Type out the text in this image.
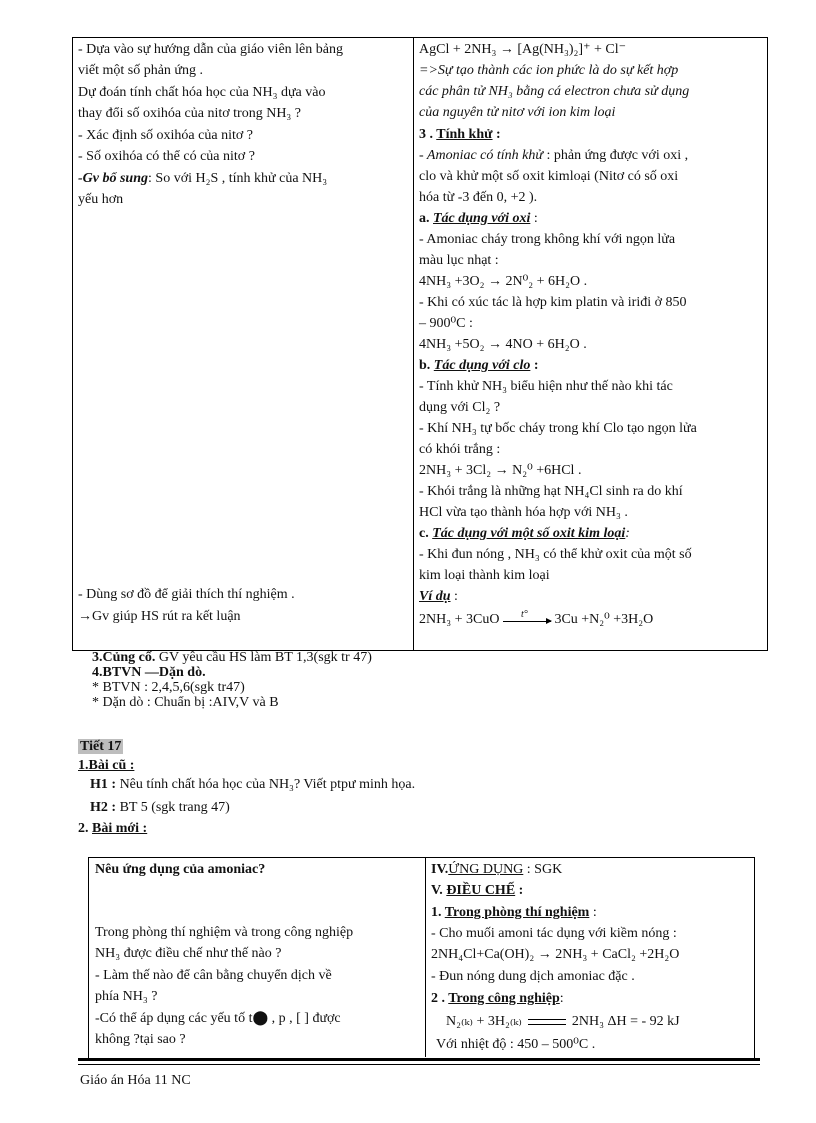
- Dựa vào sự hướng dẫn của giáo viên lên bảng
viết một số phản ứng .
Dự đoán tính chất hóa học của NH₃ dựa vào
thay đổi số oxihóa của nitơ trong NH₃ ?
- Xác định số oxihóa của nitơ ?
- Số oxihóa có thể có của nitơ ?
-Gv bổ sung: So với H₂S , tính khử của NH₃
yếu hơn
- Dùng sơ đồ để giải thích thí nghiệm .
→Gv giúp HS rút ra kết luận
AgCl + 2NH₃ → [Ag(NH₃)₂]⁺ + Cl⁻
=>Sự tạo thành các ion phức là do sự kết hợp
các phân tử NH₃ bằng cá electron chưa sử dụng
của nguyên tử nitơ với ion kim loại
3 . Tính khử :
- Amoniac có tính khử : phản ứng được với oxi ,
clo và khử một số oxit kimloại (Nitơ có số oxi
hóa từ -3 đến 0, +2 ).
a. Tác dụng với oxi :
- Amoniac cháy trong không khí với ngọn lửa
màu lục nhạt :
4NH₃ +3O₂ → 2N⁰₂ + 6H₂O .
- Khi có xúc tác là hợp kim platin và iriđi ở 850
– 900⁰C :
4NH₃ +5O₂ → 4NO + 6H₂O .
b. Tác dụng với clo :
- Tính khử NH₃ biểu hiện như thế nào khi tác
dụng với Cl₂ ?
- Khí NH₃ tự bốc cháy trong khí Clo tạo ngọn lửa
có khói trắng :
2NH₃ + 3Cl₂ → N₂⁰ +6HCl .
- Khói trắng là những hạt NH₄Cl sinh ra do khí
HCl vừa tạo thành hóa hợp với NH₃ .
c. Tác dụng với một số oxit kim loại:
- Khi đun nóng , NH₃ có thể khử oxit của một số
kim loại thành kim loại
Ví dụ :
2NH₃ + 3CuO t° 3Cu +N₂⁰ +3H₂O
3.Củng cố. GV yêu cầu HS làm BT 1,3(sgk tr 47)
4.BTVN —Dặn dò.
* BTVN : 2,4,5,6(sgk tr47)
* Dặn dò : Chuẩn bị :AIV,V và B
Tiết 17
1.Bài cũ :
H1 : Nêu tính chất hóa học của NH₃? Viết ptpư minh họa.
H2 : BT 5 (sgk trang 47)
2. Bài mới :
Nêu ứng dụng của amoniac?
Trong phòng thí nghiệm và trong công nghiệp
NH₃ được điều chế như thế nào ?
- Làm thế nào để cân bằng chuyển dịch về
phía NH₃ ?
-Có thể áp dụng các yếu tố t⬤ , p , [ ] được
không ?tại sao ?
IV.ỨNG DỤNG : SGK
V. ĐIỀU CHẾ :
1. Trong phòng thí nghiệm :
- Cho muối amoni tác dụng với kiềm nóng :
2NH₄Cl+Ca(OH)₂ → 2NH₃ + CaCl₂ +2H₂O
- Đun nóng dung dịch amoniac đặc .
2 . Trong công nghiệp:
N₂₍ₖ₎ + 3H₂₍ₖ₎	2NH₃ ΔH = - 92 kJ
Với nhiệt độ : 450 – 500⁰C .
Giáo án Hóa 11 NC
